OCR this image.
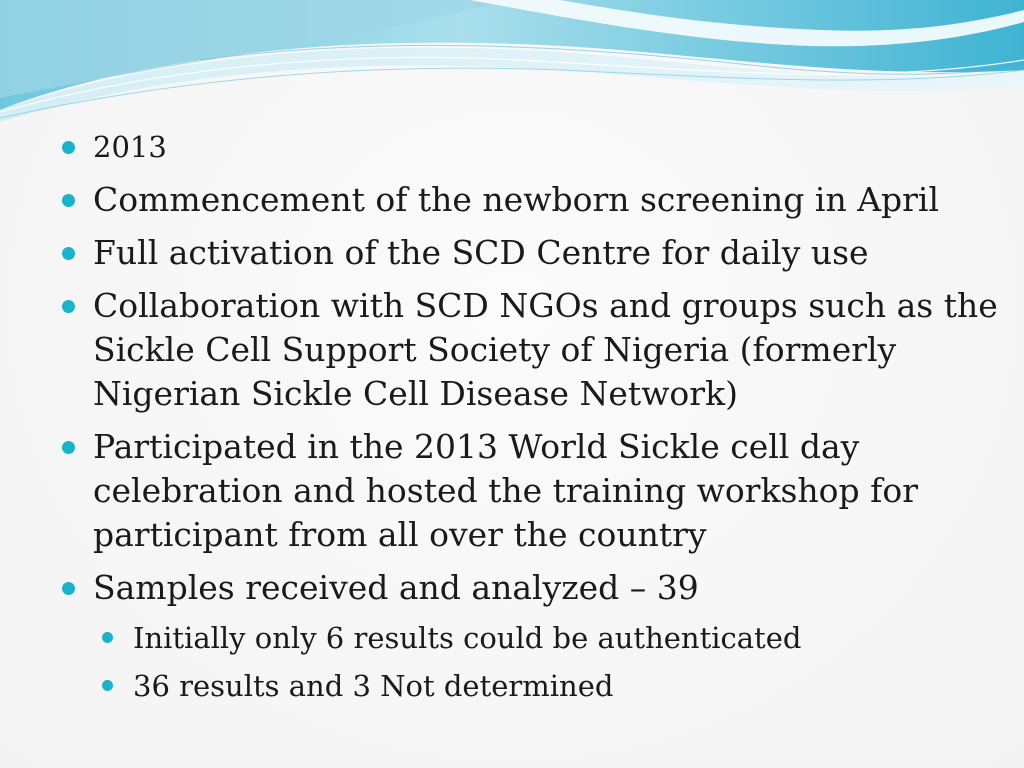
2013
Commencement of the newborn screening in April
Full activation of the SCD Centre for daily use
Collaboration with SCD NGOs and groups such as the Sickle Cell Support Society of Nigeria (formerly Nigerian Sickle Cell Disease Network)
Participated in the 2013 World Sickle cell day celebration and hosted the training workshop for participant from all over the country
Samples received and analyzed – 39
Initially only 6 results could be authenticated
36 results and 3 Not determined
